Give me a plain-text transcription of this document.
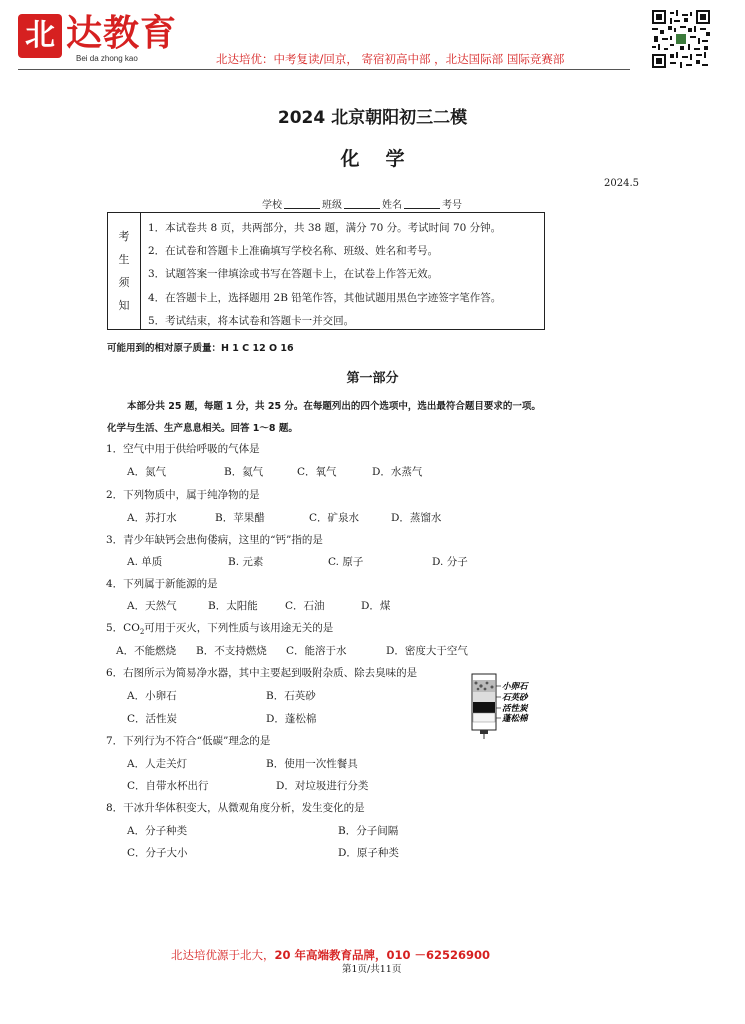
北 达教育
Bei da zhong kao	北达培优：中考复读/回京， 寄宿初高中部 ，北达国际部 国际竞赛部
2024 北京朝阳初三二模
化学
2024.5
学校	班级	姓名	考号
考
生
须
知
1．本试卷共 8 页，共两部分，共 38 题，满分 70 分。考试时间 70 分钟。
2．在试卷和答题卡上准确填写学校名称、班级、姓名和考号。
3．试题答案一律填涂或书写在答题卡上，在试卷上作答无效。
4．在答题卡上，选择题用 2B 铅笔作答，其他试题用黑色字迹签字笔作答。
5．考试结束，将本试卷和答题卡一并交回。
可能用到的相对原子质量：H 1 C 12 O 16
第一部分
本部分共 25 题，每题 1 分，共 25 分。在每题列出的四个选项中，选出最符合题目要求的一项。
化学与生活、生产息息相关。回答 1～8 题。
1．空气中用于供给呼吸的气体是
A．氮气	B．氦气	C．氧气	D．水蒸气
2．下列物质中，属于纯净物的是
A．苏打水	B．苹果醋	C．矿泉水	D．蒸馏水
3．青少年缺钙会患佝偻病，这里的“钙”指的是
A. 单质	B. 元素	C. 原子	D. 分子
4．下列属于新能源的是
A．天然气	B．太阳能	C．石油	D．煤
5．$CO_2$可用于灭火，下列性质与该用途无关的是
A．不能燃烧 B．不支持燃烧 C．能溶于水	D．密度大于空气
6．右图所示为简易净水器，其中主要起到吸附杂质、除去臭味的是
A．小卵石	B．石英砂
C．活性炭	D．蓬松棉
小卵石
石英砂
活性炭
蓬松棉
7．下列行为不符合“低碳”理念的是
A．人走关灯	B．使用一次性餐具
C．自带水杯出行	D．对垃圾进行分类
8．干冰升华体积变大，从微观角度分析，发生变化的是
A．分子种类	B．分子间隔
C．分子大小	D．原子种类
北达培优源于北大，20 年高端教育品牌，010 －62526900
第1页/共11页
